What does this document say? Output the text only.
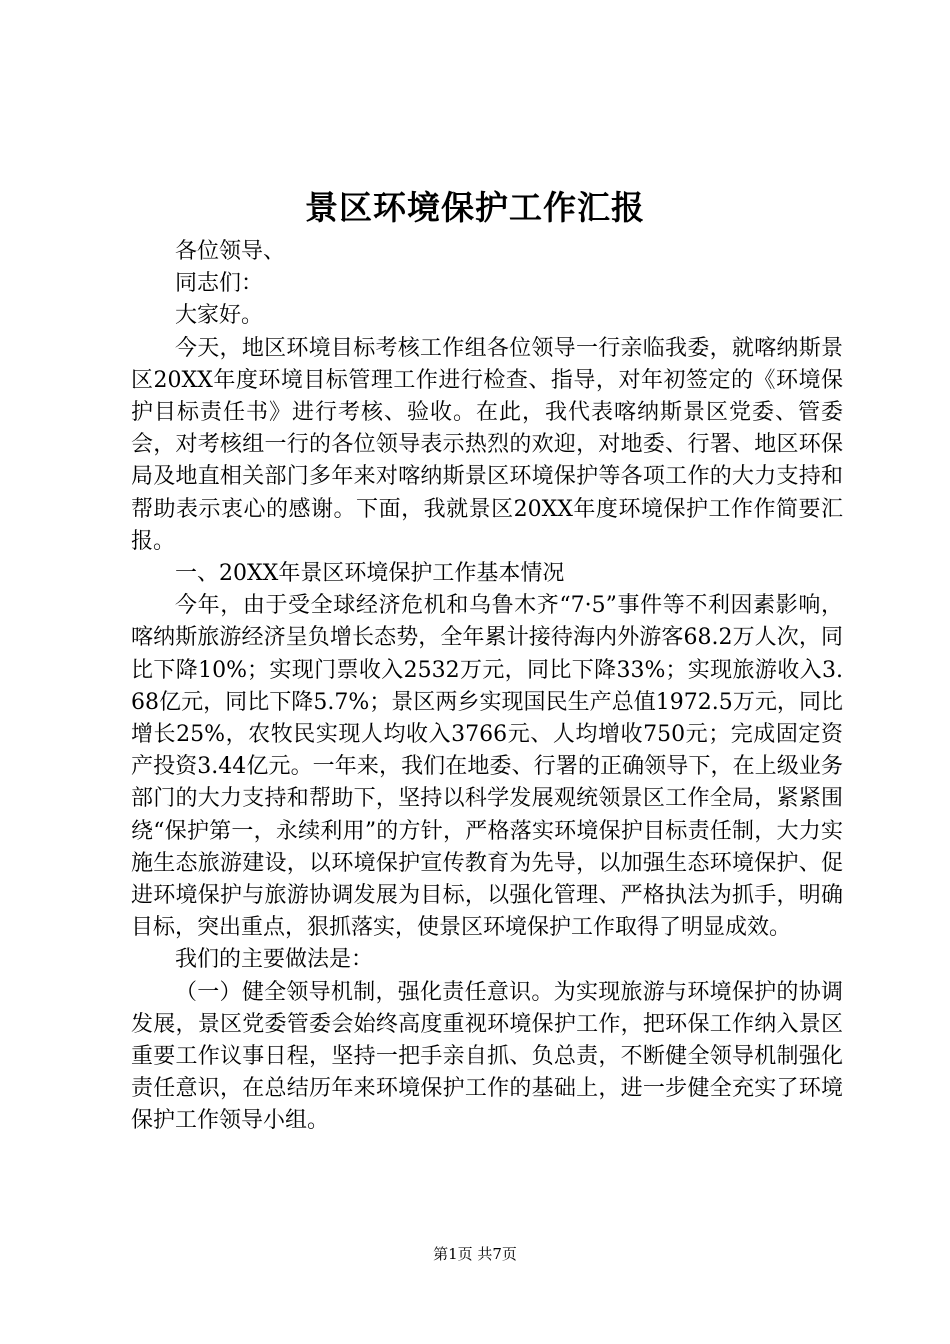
景区环境保护工作汇报

各位领导、

同志们：

大家好。

今天，地区环境目标考核工作组各位领导一行亲临我委，就喀纳斯景区20XX年度环境目标管理工作进行检查、指导，对年初签定的《环境保护目标责任书》进行考核、验收。在此，我代表喀纳斯景区党委、管委会，对考核组一行的各位领导表示热烈的欢迎，对地委、行署、地区环保局及地直相关部门多年来对喀纳斯景区环境保护等各项工作的大力支持和帮助表示衷心的感谢。下面，我就景区20XX年度环境保护工作作简要汇报。

一、20XX年景区环境保护工作基本情况

今年，由于受全球经济危机和乌鲁木齐“7·5”事件等不利因素影响，喀纳斯旅游经济呈负增长态势，全年累计接待海内外游客68.2万人次，同比下降10%；实现门票收入2532万元，同比下降33%；实现旅游收入3.68亿元，同比下降5.7%；景区两乡实现国民生产总值1972.5万元，同比增长25%，农牧民实现人均收入3766元、人均增收750元；完成固定资产投资3.44亿元。一年来，我们在地委、行署的正确领导下，在上级业务部门的大力支持和帮助下，坚持以科学发展观统领景区工作全局，紧紧围绕“保护第一，永续利用”的方针，严格落实环境保护目标责任制，大力实施生态旅游建设，以环境保护宣传教育为先导，以加强生态环境保护、促进环境保护与旅游协调发展为目标，以强化管理、严格执法为抓手，明确目标，突出重点，狠抓落实，使景区环境保护工作取得了明显成效。

我们的主要做法是：

（一）健全领导机制，强化责任意识。为实现旅游与环境保护的协调发展，景区党委管委会始终高度重视环境保护工作，把环保工作纳入景区重要工作议事日程，坚持一把手亲自抓、负总责，不断健全领导机制强化责任意识，在总结历年来环境保护工作的基础上，进一步健全充实了环境保护工作领导小组。

第1页 共7页
